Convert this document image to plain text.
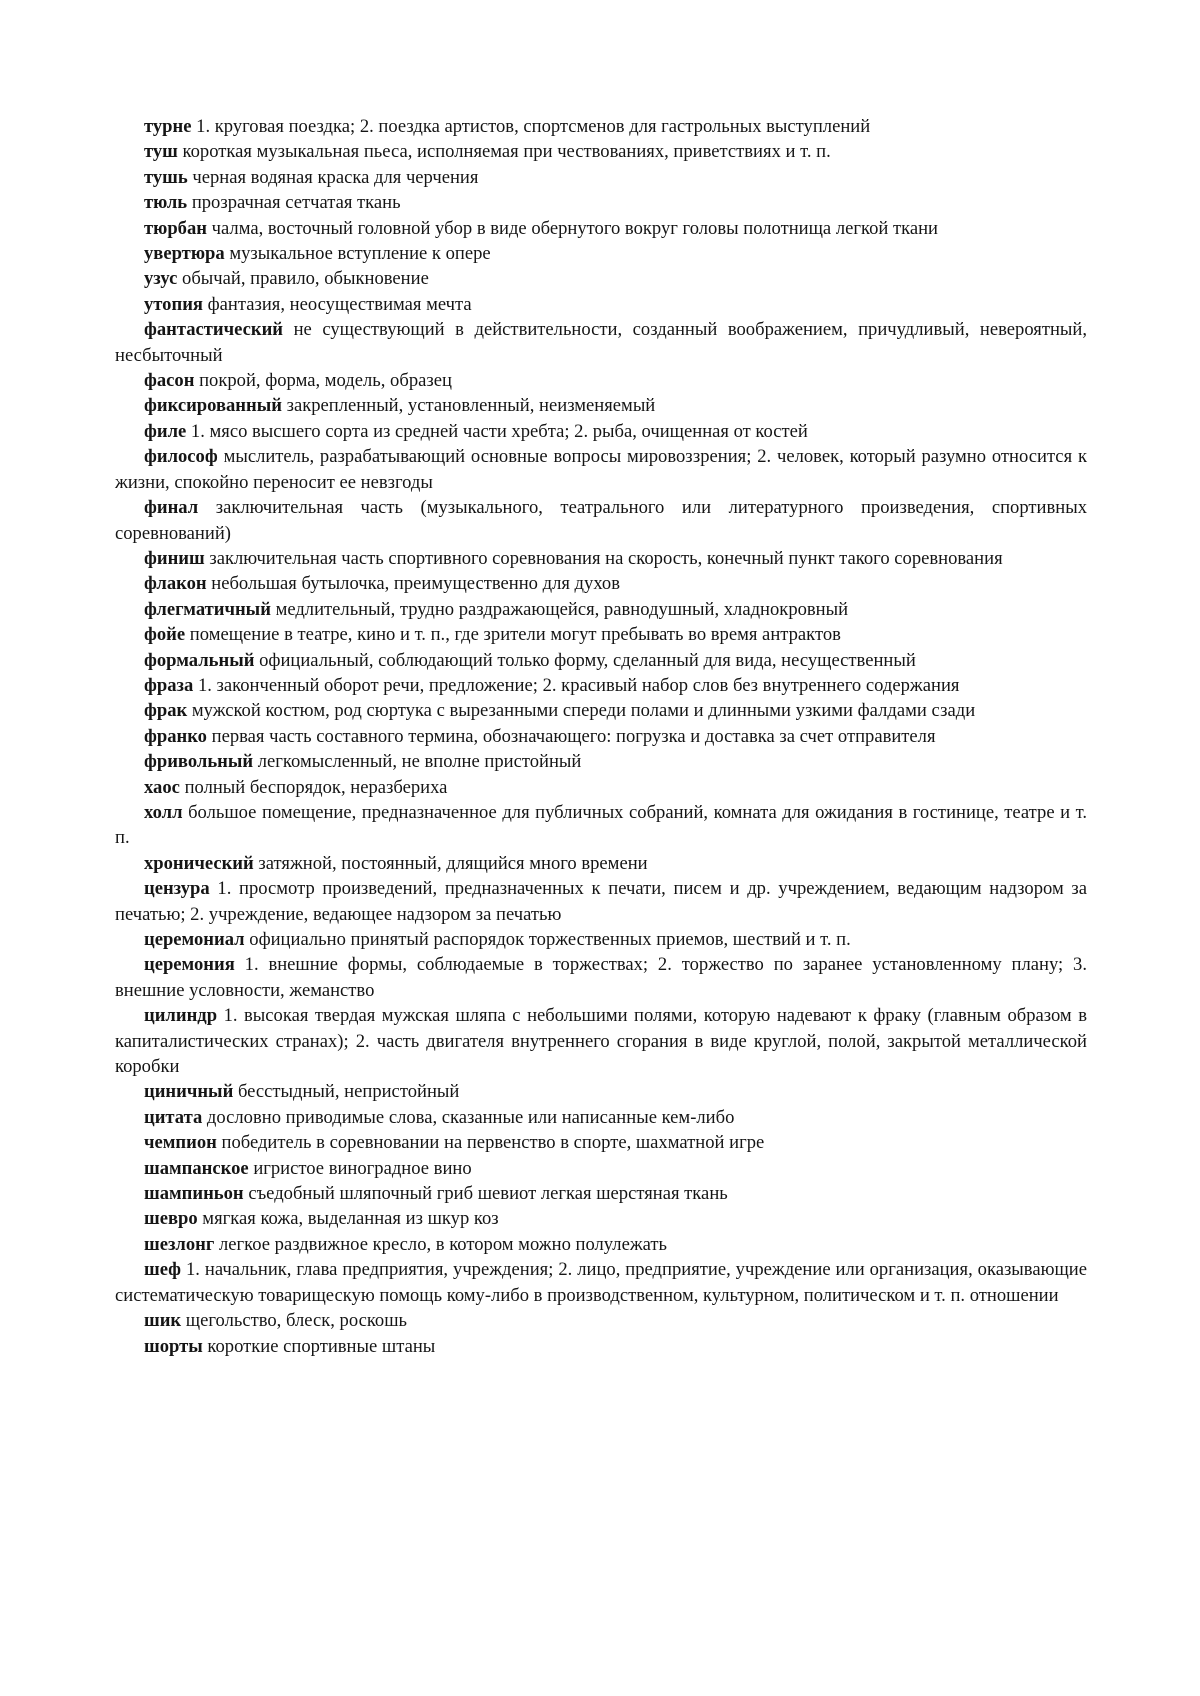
турне 1. круговая поездка; 2. поездка артистов, спортсменов для гастрольных выступлений

туш короткая музыкальная пьеса, исполняемая при чествованиях, приветствиях и т. п.

тушь черная водяная краска для черчения

тюль прозрачная сетчатая ткань

тюрбан чалма, восточный головной убор в виде обернутого вокруг головы полотнища легкой ткани

увертюра музыкальное вступление к опере

узус обычай, правило, обыкновение

утопия фантазия, неосуществимая мечта

фантастический не существующий в действительности, созданный воображением, причудливый, невероятный, несбыточный

фасон покрой, форма, модель, образец

фиксированный закрепленный, установленный, неизменяемый

филе 1. мясо высшего сорта из средней части хребта; 2. рыба, очищенная от костей

философ мыслитель, разрабатывающий основные вопросы мировоззрения; 2. человек, который разумно относится к жизни, спокойно переносит ее невзгоды

финал заключительная часть (музыкального, театрального или литературного произведения, спортивных соревнований)

финиш заключительная часть спортивного соревнования на скорость, конечный пункт такого соревнования

флакон небольшая бутылочка, преимущественно для духов

флегматичный медлительный, трудно раздражающейся, равнодушный, хладнокровный

фойе помещение в театре, кино и т. п., где зрители могут пребывать во время антрактов

формальный официальный, соблюдающий только форму, сделанный для вида, несущественный

фраза 1. законченный оборот речи, предложение; 2. красивый набор слов без внутреннего содержания

фрак мужской костюм, род сюртука с вырезанными спереди полами и длинными узкими фалдами сзади

франко первая часть составного термина, обозначающего: погрузка и доставка за счет отправителя

фривольный легкомысленный, не вполне пристойный

хаос полный беспорядок, неразбериха

холл большое помещение, предназначенное для публичных собраний, комната для ожидания в гостинице, театре и т. п.

хронический затяжной, постоянный, длящийся много времени

цензура 1. просмотр произведений, предназначенных к печати, писем и др. учреждением, ведающим надзором за печатью; 2. учреждение, ведающее надзором за печатью

церемониал официально принятый распорядок торжественных приемов, шествий и т. п.

церемония 1. внешние формы, соблюдаемые в торжествах; 2. торжество по заранее установленному плану; 3. внешние условности, жеманство

цилиндр 1. высокая твердая мужская шляпа с небольшими полями, которую надевают к фраку (главным образом в капиталистических странах); 2. часть двигателя внутреннего сгорания в виде круглой, полой, закрытой металлической коробки

циничный бесстыдный, непристойный

цитата дословно приводимые слова, сказанные или написанные кем-либо

чемпион победитель в соревновании на первенство в спорте, шахматной игре

шампанское игристое виноградное вино

шампиньон съедобный шляпочный гриб шевиот легкая шерстяная ткань

шевро мягкая кожа, выделанная из шкур коз

шезлонг легкое раздвижное кресло, в котором можно полулежать

шеф 1. начальник, глава предприятия, учреждения; 2. лицо, предприятие, учреждение или организация, оказывающие систематическую товарищескую помощь кому-либо в производственном, культурном, политическом и т. п. отношении

шик щегольство, блеск, роскошь

шорты короткие спортивные штаны
